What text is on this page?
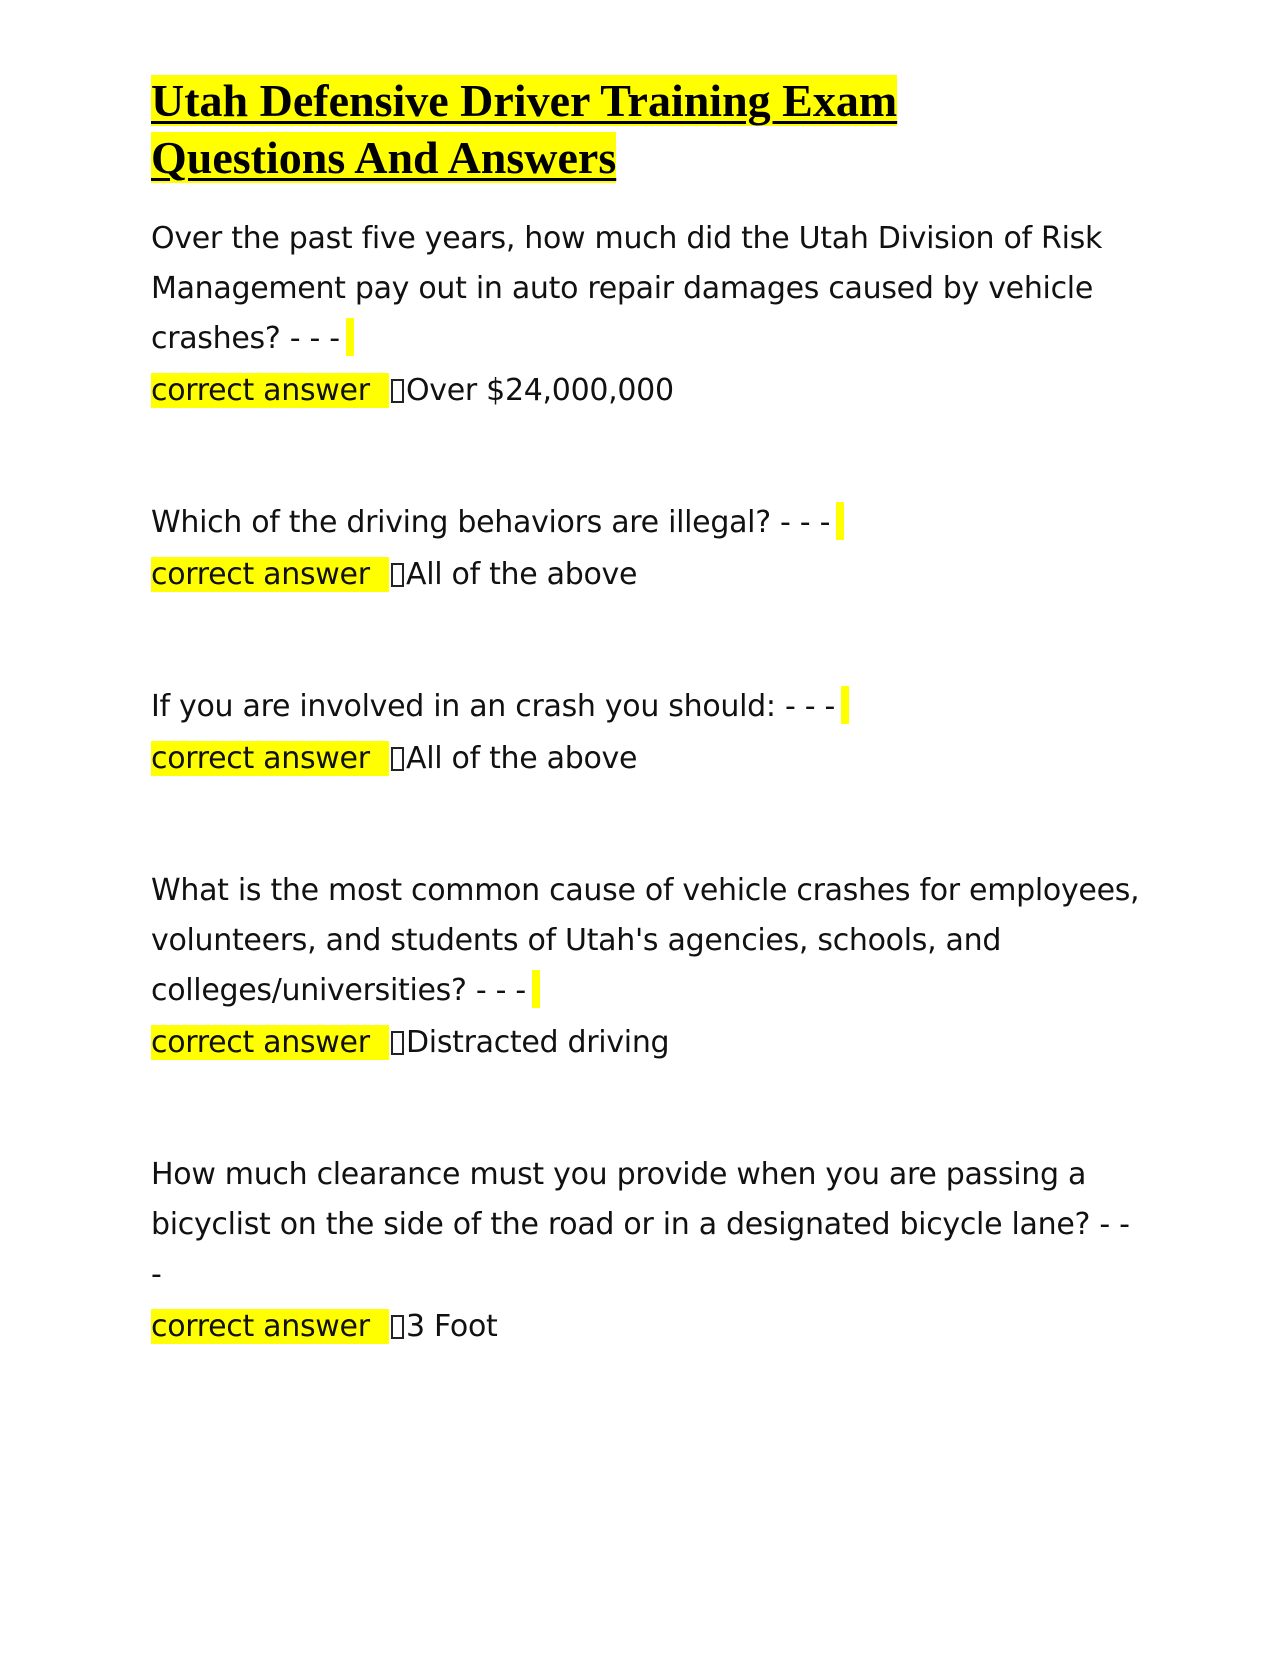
Utah Defensive Driver Training Exam
Questions And Answers

Over the past five years, how much did the Utah Division of Risk Management pay out in auto repair damages caused by vehicle crashes? - - -

correct answer Over $24,000,000

Which of the driving behaviors are illegal? - - -

correct answer All of the above

If you are involved in an crash you should: - - -

correct answer All of the above

What is the most common cause of vehicle crashes for employees, volunteers, and students of Utah's agencies, schools, and colleges/universities? - - -

correct answer Distracted driving

How much clearance must you provide when you are passing a bicyclist on the side of the road or in a designated bicycle lane? - - -

correct answer 3 Foot
